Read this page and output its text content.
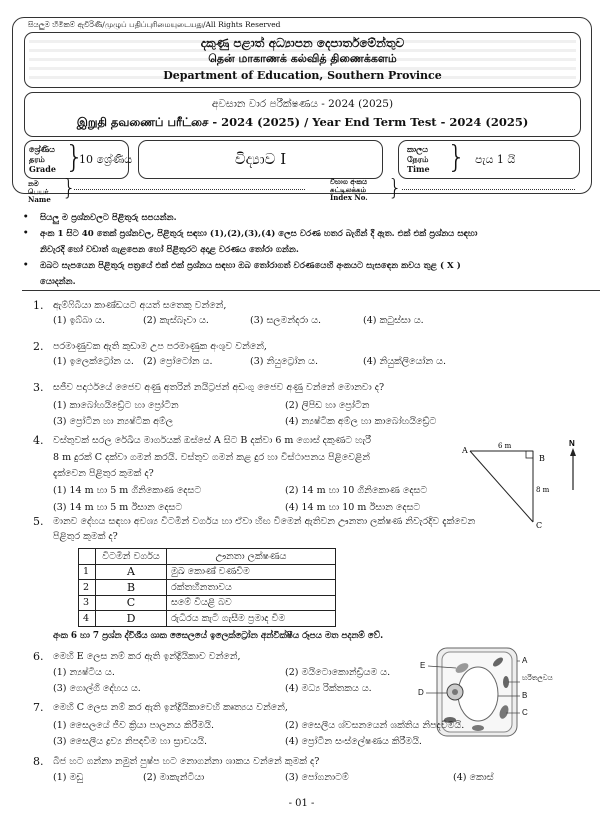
සියලුම හිමිකම් ඇවිරිණි/முழுப் பதிப்புரிமையுடையது/All Rights Reserved
දකුණු පළාත් අධ්‍යාපන දෙපාර්තමේන්තුව
தென் மாகாணக் கல்வித் திணைக்களம்
Department of Education, Southern Province
අවසාන වාර පරීක්ෂණය - 2024 (2025)
இறுதி தவணைப் பரீட்சை - 2024 (2025) / Year End Term Test - 2024 (2025)
ශ්‍රේණිය
தரம்
Grade }
10 ශ්‍රේණිය	විද්‍යාව I
කාලය
நேரம்
Time } පැය 1 යි
නම
பெயர்
Name }	විභාග අංකය
சுட்டிலக்கம்
Index No. }
• සියලු ම ප්‍රශ්නවලට පිළිතුරු සපයන්න.
• අංක 1 සිට 40 තෙක් ප්‍රශ්නවල, පිළිතුරු සඳහා (1),(2),(3),(4) ලෙස වරණ හතර බැගින් දී ඇත. එක් එක් ප්‍රශ්නය සඳහා
නිවැරදි හෝ වඩාත් ගැළපෙන හෝ පිළිතුරට අදාළ වරණය තෝරා ගන්න.
• ඔබට සැපයෙන පිළිතුරු පත්‍රයේ එක් එක් ප්‍රශ්නය සඳහා ඔබ තෝරාගත් වරණයෙහි අංකයට සැසඳෙන කවය තුළ ( X )
යොදන්න.
1. ඇම්ෆිබියා කාණ්ඩයට අයත් සතෙකු වන්නේ,
(1) ඉබ්බා ය.	(2) කැස්බෑවා ය.	(3) සලමන්දරා ය.	(4) කටුස්සා ය.
2. පරමාණුවක ඇති කුඩාම උප පරමාණුක අංශුව වන්නේ,
(1) ඉලෙක්ට්‍රෝන ය. (2) ප්‍රෝටෝන ය.	(3) නියුට්‍රෝන ය.	(4) නියුක්ලියෝන ය.
3. සජීව පදාර්ථයේ ජෛව අණු අතරින් නයිට්‍රජන් අඩංගු ජෛව අණු වන්නේ මොනවා ද?
(1) කාබෝහයිඩ්‍රේට හා ප්‍රෝටීන	(2) ලිපිඩ හා ප්‍රෝටීන
(3) ප්‍රෝටීන හා න්‍යෂ්ටික අම්ල	(4) න්‍යෂ්ටික අම්ල හා කාබෝහයිඩ්‍රේට
4. වස්තුවක් සරල රේඛීය මාර්ගයක් ඔස්සේ A සිට B දක්වා 6 m ගොස් දකුණට හැරී
8 m දුරක් C දක්වා ගමන් කරයි. වස්තුව ගමන් කළ දුර හා විස්ථාපනය පිළිවෙළින්
දැක්වෙන පිළිතුර කුමක් ද?
(1) 14 m හා 5 m ගිනිකොණ දෙසට	(2) 14 m හා 10 ගිනිකොණ දෙසට
(3) 14 m හා 5 m ඊසාන දෙසට	(4) 14 m හා 10 m ඊසාන දෙසට
A
B
C
6 m
8 m
N
5. මානව දේහය සඳහා අවශ්‍ය විටමින් වර්ගය හා ඒවා හිඟ වීමෙන් ඇතිවන ඌනතා ලක්ෂණ නිවැරදිව දැක්වෙන
පිළිතුර කුමක් ද?
	විටමින් වර්ගය	ඌනතා ලක්ෂණය
1	A	මුඛ කොණ් වණවීම
2	B	රක්තහීනතාවය
3	C	සමේ වියළි බව
4	D	රුධිරය කැටි ගැසීම ප්‍රමාද වීම
අංක 6 හා 7 ප්‍රශ්න ද්විශීය ශාක සෛලයේ ඉලෙක්ට්‍රෝන අන්වීක්ෂීය රූපය මත පදනම් වේ.
A
B
C
D
E
හරිතලවය
6. මෙහි E ලෙස නම් කර ඇති ඉන්ද්‍රියිකාව වන්නේ,
(1) න්‍යෂ්ටිය ය.	(2) මයිටොකොන්ඩ්‍රියම ය.
(3) ගොල්ගි දේහය ය.	(4) මධ්‍ය රික්තකය ය.
7. මෙහි C ලෙස නම් කර ඇති ඉන්ද්‍රියිකාවෙහි කෘත්‍යය වන්නේ,
(1) සෛලයේ ජීව ක්‍රියා පාලනය කිරීමයි.	(2) සෛලීය ශ්වසනයෙන් ශක්තිය නිපදවීමයි.
(3) සෛලීය ද්‍රව්‍ය නිපදවීම හා ස්‍රාවයයි.	(4) ප්‍රෝටීන සංස්ලේෂණය කිරීමයි.
8. බීජ හට ගන්නා නමුත් පුෂ්ප හට නොගන්නා ශාකය වන්නේ කුමක් ද?
(1) මඩු	(2) මාකැන්ටියා	(3) පෝගනාටම්	(4) කොස්
- 01 -
